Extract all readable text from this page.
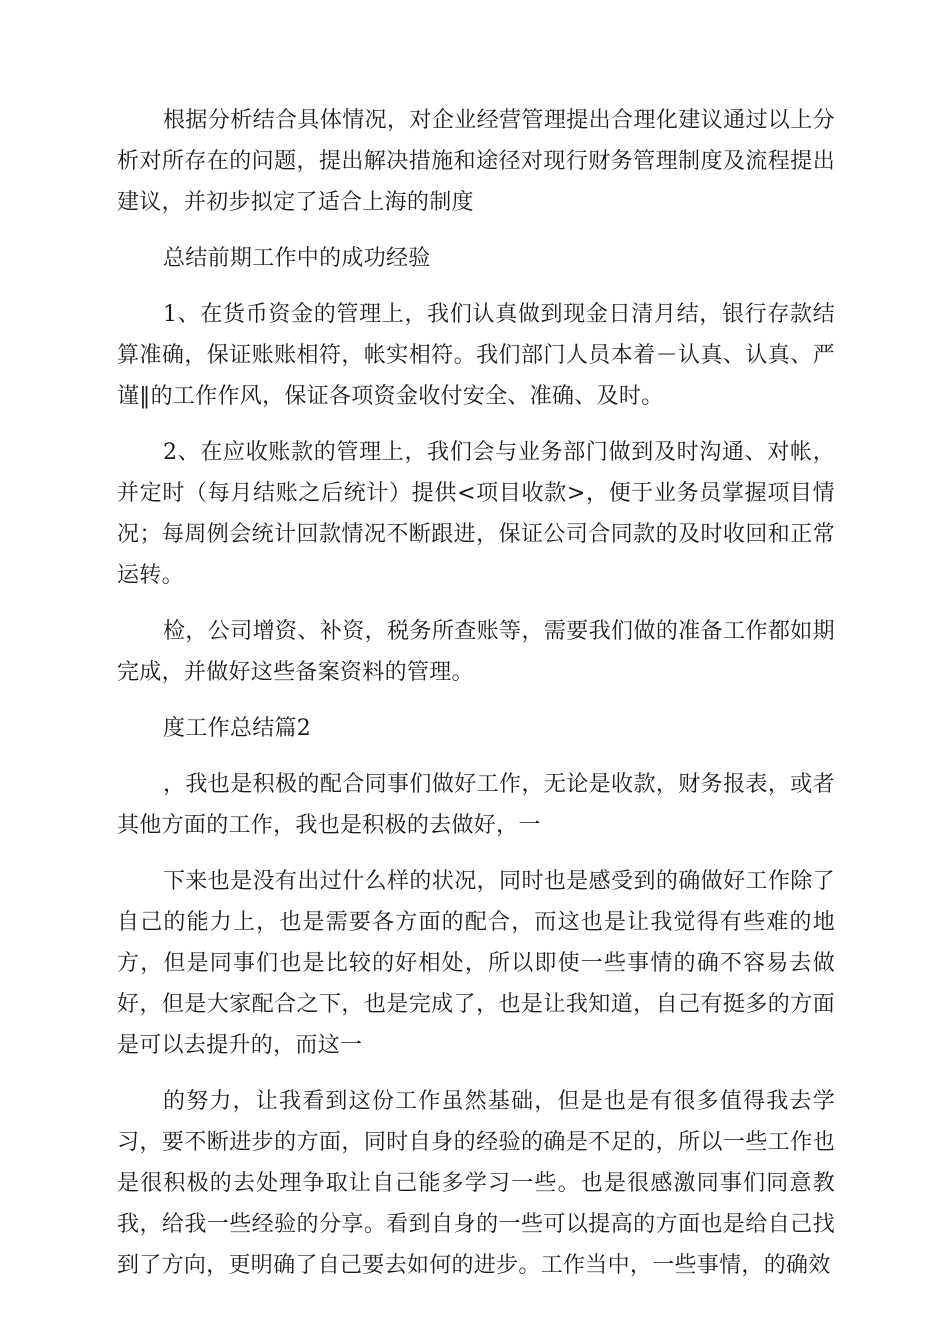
根据分析结合具体情况，对企业经营管理提出合理化建议通过以上分析对所存在的问题，提出解决措施和途径对现行财务管理制度及流程提出建议，并初步拟定了适合上海的制度

总结前期工作中的成功经验

1、在货币资金的管理上，我们认真做到现金日清月结，银行存款结算准确，保证账账相符，帐实相符。我们部门人员本着－认真、认真、严谨‖的工作作风，保证各项资金收付安全、准确、及时。

2、在应收账款的管理上，我们会与业务部门做到及时沟通、对帐，并定时（每月结账之后统计）提供<项目收款>，便于业务员掌握项目情况；每周例会统计回款情况不断跟进，保证公司合同款的及时收回和正常运转。

检，公司增资、补资，税务所查账等，需要我们做的准备工作都如期完成，并做好这些备案资料的管理。

度工作总结篇2

，我也是积极的配合同事们做好工作，无论是收款，财务报表，或者其他方面的工作，我也是积极的去做好，一

下来也是没有出过什么样的状况，同时也是感受到的确做好工作除了自己的能力上，也是需要各方面的配合，而这也是让我觉得有些难的地方，但是同事们也是比较的好相处，所以即使一些事情的确不容易去做好，但是大家配合之下，也是完成了，也是让我知道，自己有挺多的方面是可以去提升的，而这一

的努力，让我看到这份工作虽然基础，但是也是有很多值得我去学习，要不断进步的方面，同时自身的经验的确是不足的，所以一些工作也是很积极的去处理争取让自己能多学习一些。也是很感激同事们同意教我，给我一些经验的分享。看到自身的一些可以提高的方面也是给自己找到了方向，更明确了自己要去如何的进步。工作当中，一些事情，的确效
